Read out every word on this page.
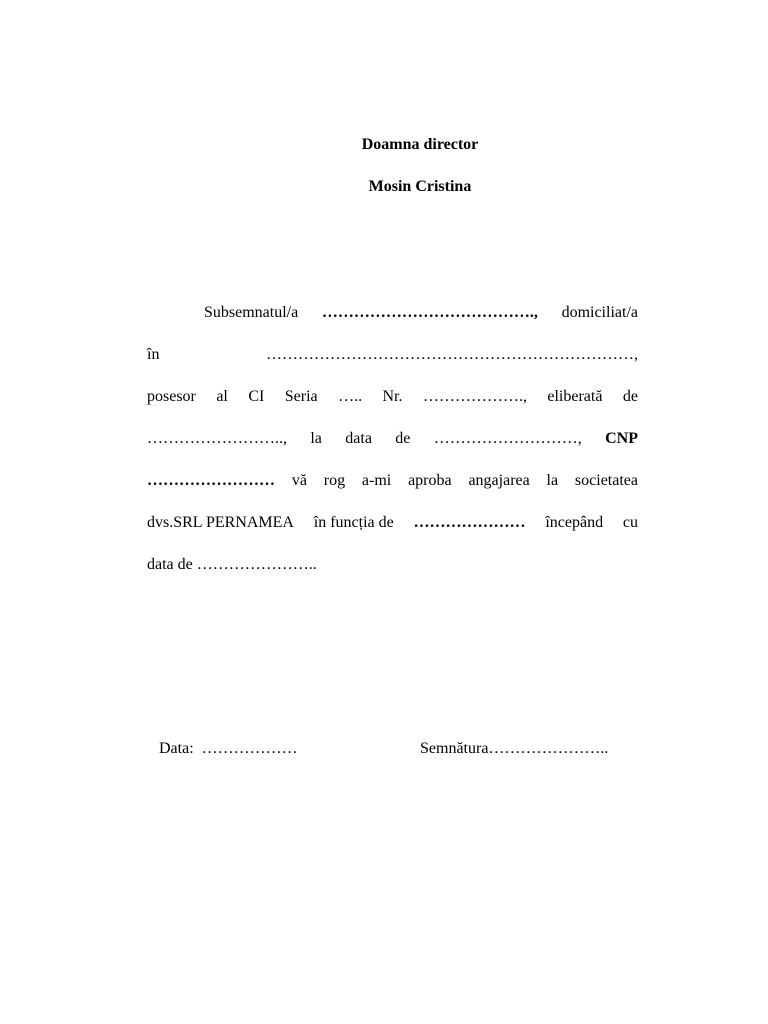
Doamna director
Mosin Cristina
Subsemnatul/a …………………………………., domiciliat/a
în	……………………………………………………………,
posesor al CI Seria ….. Nr. ………………., eliberată de
…………………….., la data de ………………………, CNP
…………………… vă rog a-mi aproba angajarea la societatea
dvs.SRL PERNAMEA în funcția de ………………… începând cu
data de …………………..
Data: ………………	Semnătura…………………..
